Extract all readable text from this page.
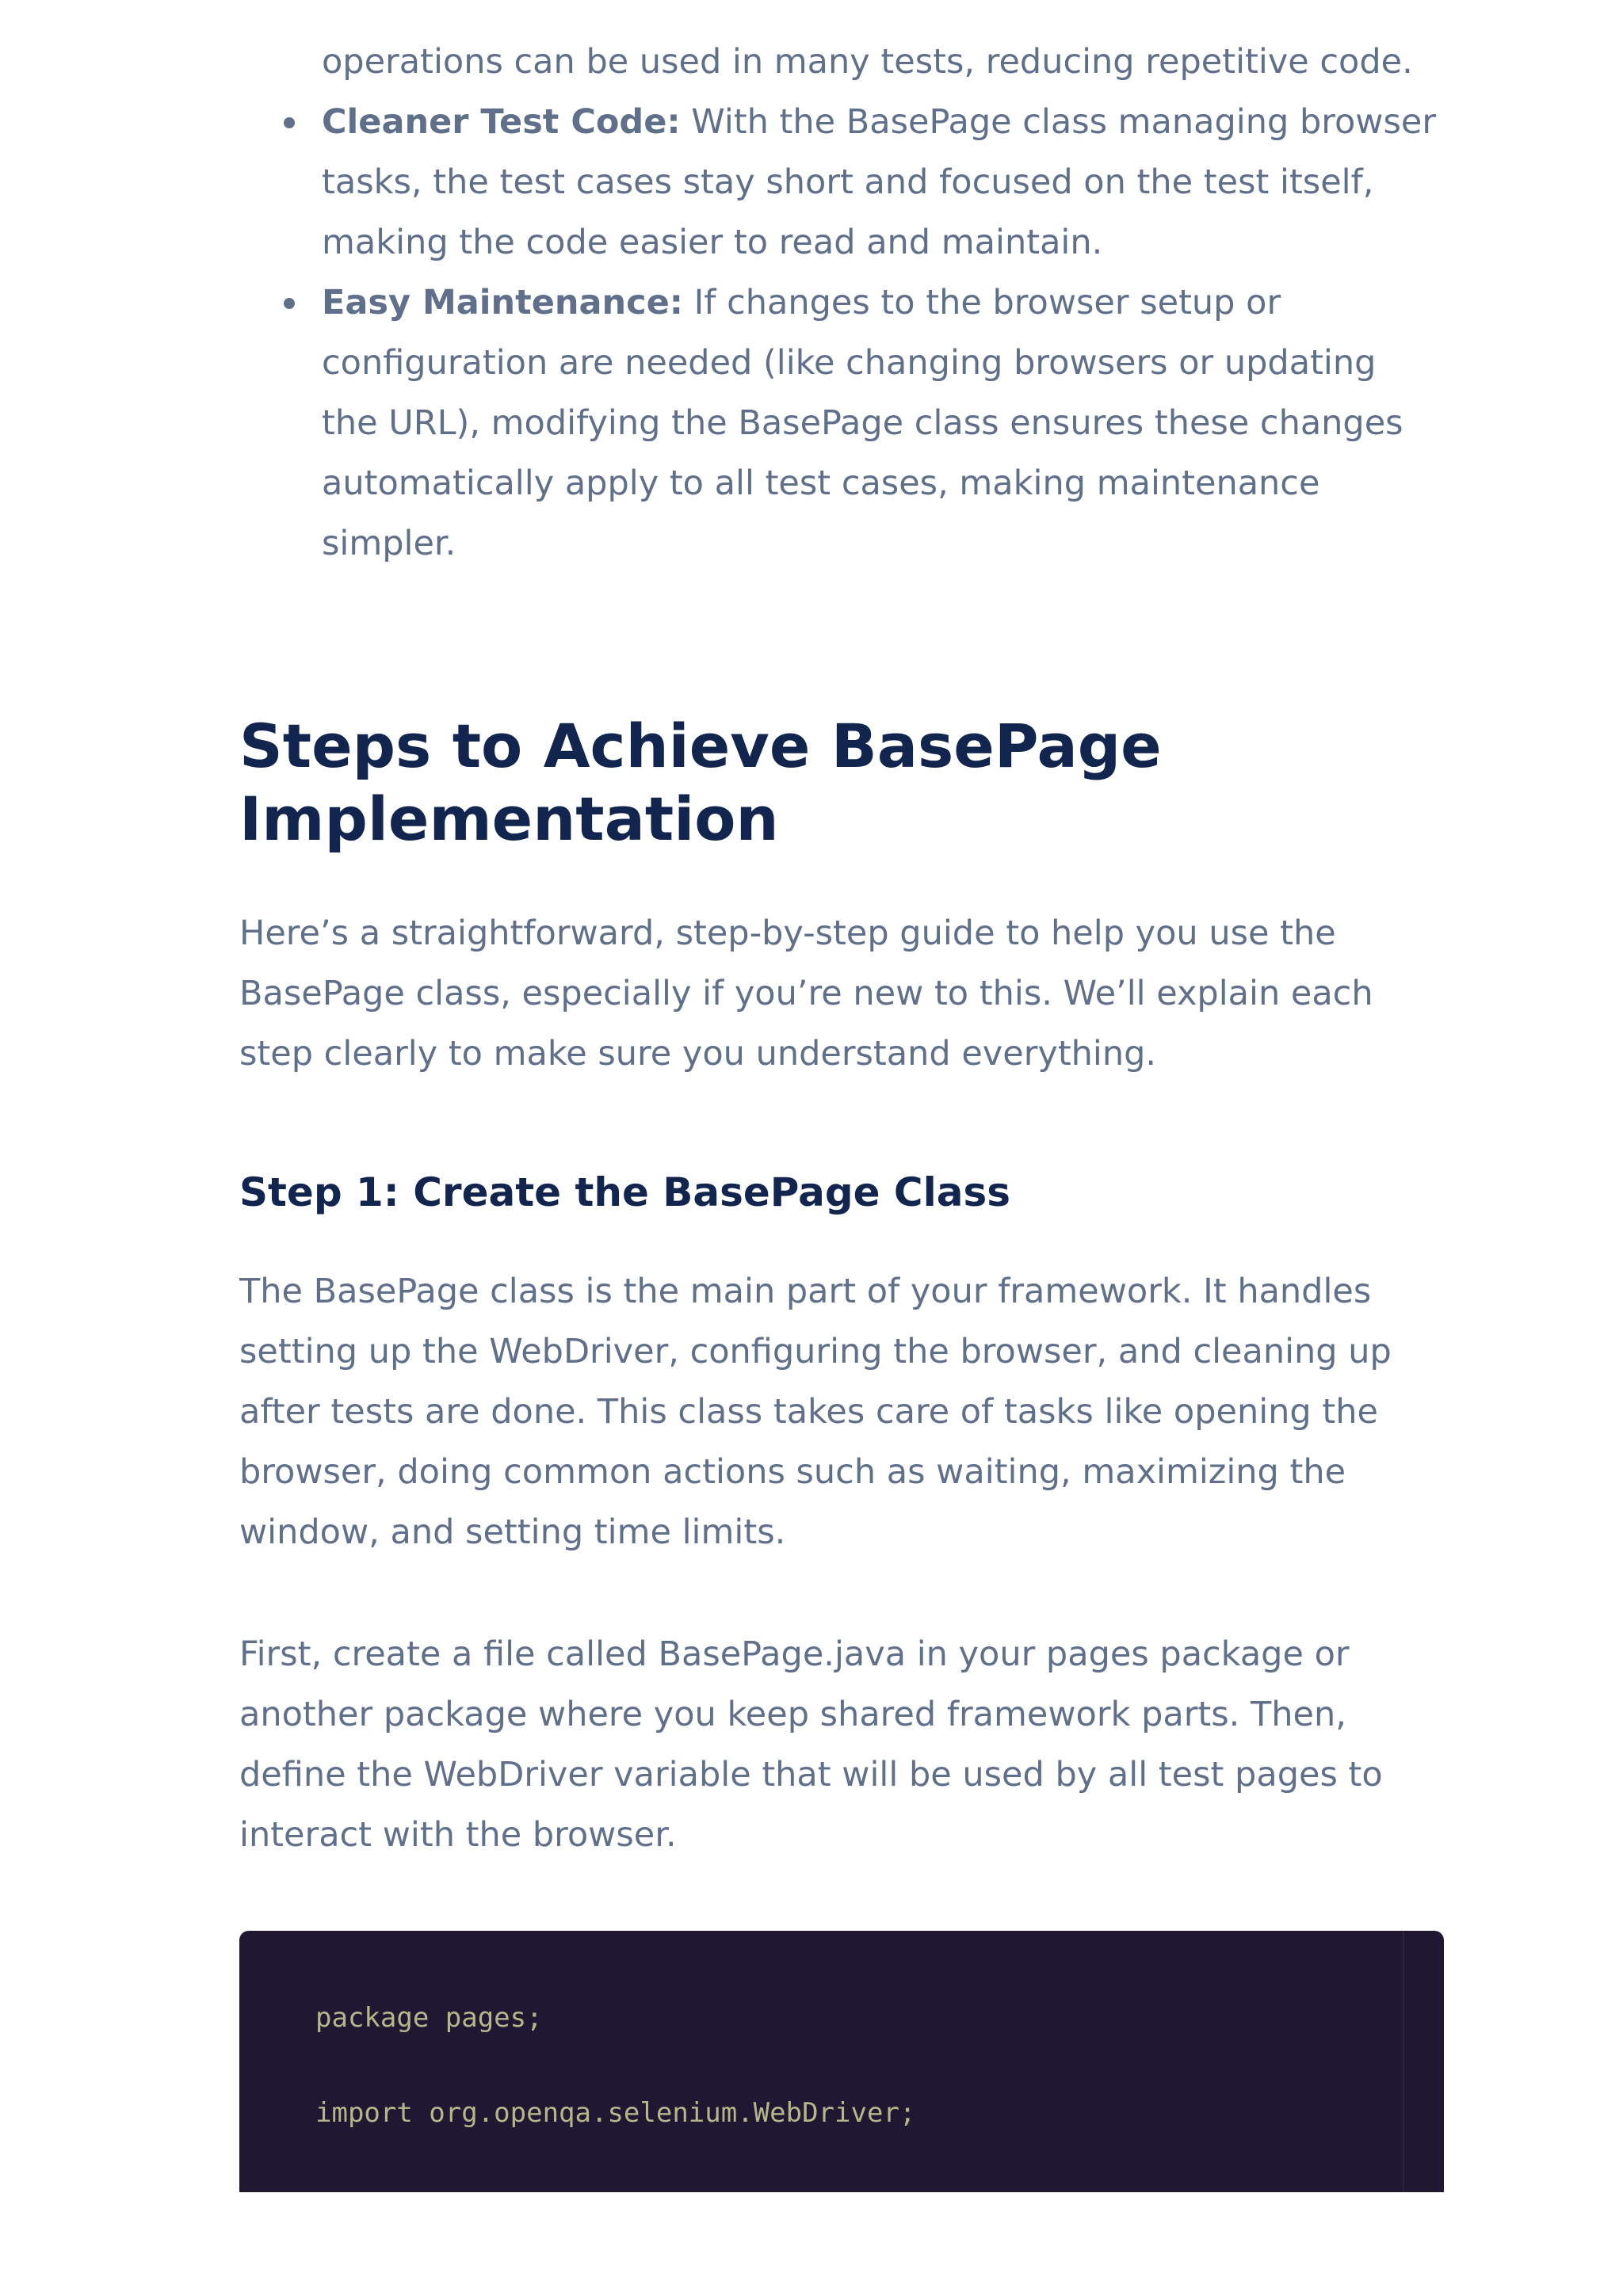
operations can be used in many tests, reducing repetitive code.
Cleaner Test Code: With the BasePage class managing browser
tasks, the test cases stay short and focused on the test itself,
making the code easier to read and maintain.
Easy Maintenance: If changes to the browser setup or
configuration are needed (like changing browsers or updating
the URL), modifying the BasePage class ensures these changes
automatically apply to all test cases, making maintenance
simpler.
Steps to Achieve BasePage
Implementation

Here’s a straightforward, step-by-step guide to help you use the
BasePage class, especially if you’re new to this. We’ll explain each
step clearly to make sure you understand everything.

Step 1: Create the BasePage Class

The BasePage class is the main part of your framework. It handles
setting up the WebDriver, configuring the browser, and cleaning up
after tests are done. This class takes care of tasks like opening the
browser, doing common actions such as waiting, maximizing the
window, and setting time limits.

First, create a file called BasePage.java in your pages package or
another package where you keep shared framework parts. Then,
define the WebDriver variable that will be used by all test pages to
interact with the browser.

package pages;
import org.openqa.selenium.WebDriver;
